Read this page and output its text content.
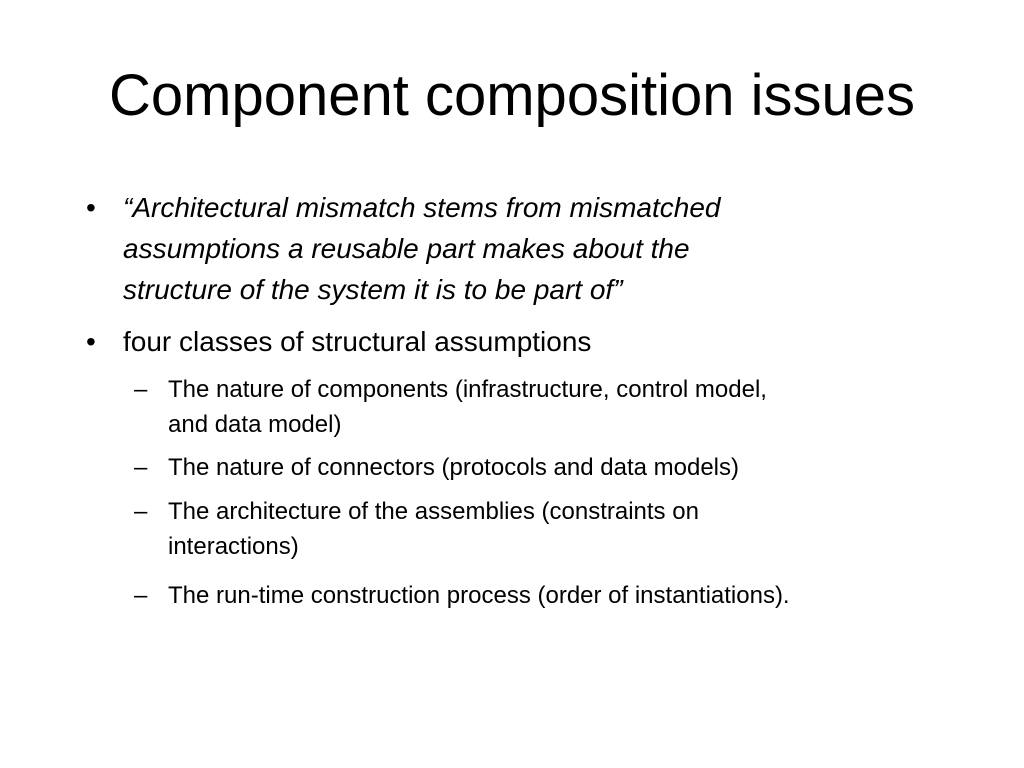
Component composition issues
• “Architectural mismatch stems from mismatched
assumptions a reusable part makes about the
structure of the system it is to be part of”
• four classes of structural assumptions
– The nature of components (infrastructure, control model,
and data model)
– The nature of connectors (protocols and data models)
– The architecture of the assemblies (constraints on
interactions)
– The run-time construction process (order of instantiations).
